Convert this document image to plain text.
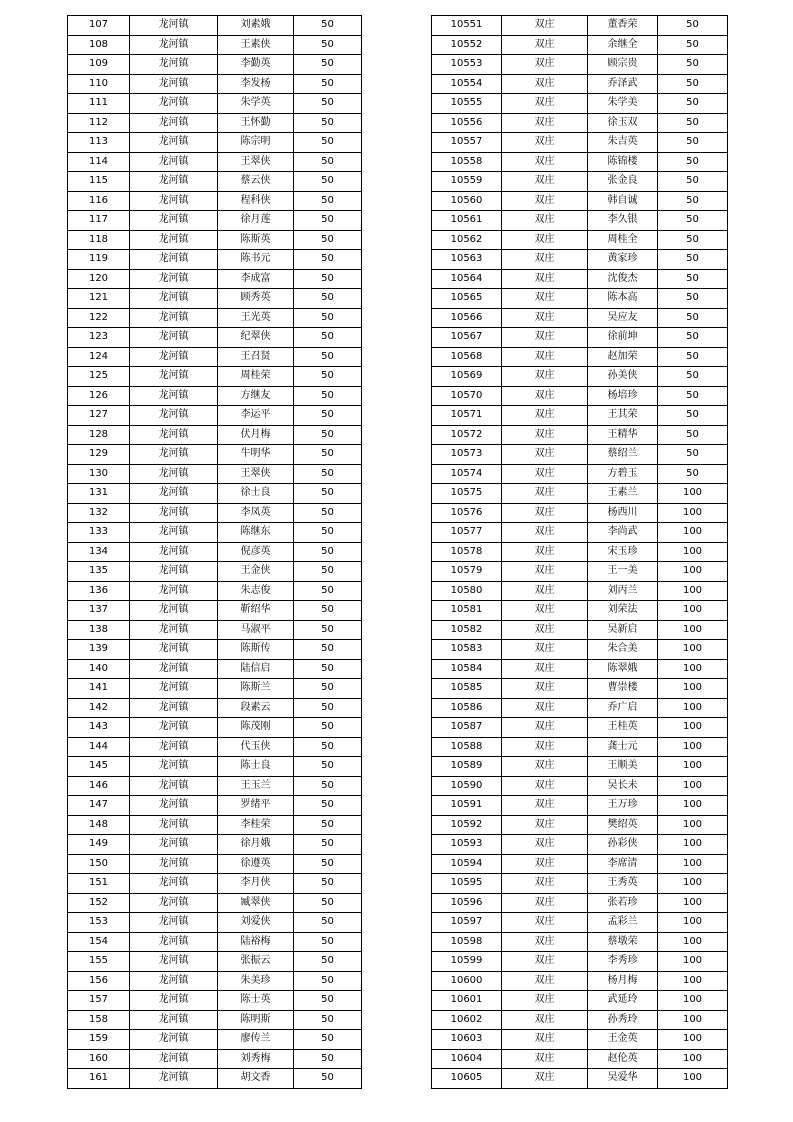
107	龙河镇	刘素娥	50
108	龙河镇	王素侠	50
109	龙河镇	李勤英	50
110	龙河镇	李发杨	50
111	龙河镇	朱学英	50
112	龙河镇	王怀勤	50
113	龙河镇	陈宗明	50
114	龙河镇	王翠侠	50
115	龙河镇	蔡云侠	50
116	龙河镇	程科侠	50
117	龙河镇	徐月莲	50
118	龙河镇	陈斯英	50
119	龙河镇	陈书元	50
120	龙河镇	李成富	50
121	龙河镇	顾秀英	50
122	龙河镇	王光英	50
123	龙河镇	纪翠侠	50
124	龙河镇	王召贤	50
125	龙河镇	周桂荣	50
126	龙河镇	方继友	50
127	龙河镇	李运平	50
128	龙河镇	伏月梅	50
129	龙河镇	牛明华	50
130	龙河镇	王翠侠	50
131	龙河镇	徐士良	50
132	龙河镇	李凤英	50
133	龙河镇	陈继东	50
134	龙河镇	倪彦英	50
135	龙河镇	王金侠	50
136	龙河镇	朱志俊	50
137	龙河镇	靳绍华	50
138	龙河镇	马淑平	50
139	龙河镇	陈斯传	50
140	龙河镇	陆信启	50
141	龙河镇	陈斯兰	50
142	龙河镇	段素云	50
143	龙河镇	陈茂刚	50
144	龙河镇	代玉侠	50
145	龙河镇	陈士良	50
146	龙河镇	王玉兰	50
147	龙河镇	罗绪平	50
148	龙河镇	李桂荣	50
149	龙河镇	徐月娥	50
150	龙河镇	徐遵英	50
151	龙河镇	李月侠	50
152	龙河镇	臧翠侠	50
153	龙河镇	刘爱侠	50
154	龙河镇	陆裕梅	50
155	龙河镇	张振云	50
156	龙河镇	朱美珍	50
157	龙河镇	陈士英	50
158	龙河镇	陈明斯	50
159	龙河镇	廖传兰	50
160	龙河镇	刘秀梅	50
161	龙河镇	胡文香	50
10551	双庄	董香荣	50
10552	双庄	余继全	50
10553	双庄	顾宗贵	50
10554	双庄	乔泽武	50
10555	双庄	朱学美	50
10556	双庄	徐玉双	50
10557	双庄	朱吉英	50
10558	双庄	陈锦楼	50
10559	双庄	张金良	50
10560	双庄	韩自诚	50
10561	双庄	李久银	50
10562	双庄	周桂全	50
10563	双庄	黄家珍	50
10564	双庄	沈俊杰	50
10565	双庄	陈本高	50
10566	双庄	吴应友	50
10567	双庄	徐前坤	50
10568	双庄	赵加荣	50
10569	双庄	孙美侠	50
10570	双庄	杨培珍	50
10571	双庄	王其荣	50
10572	双庄	王精华	50
10573	双庄	蔡绍兰	50
10574	双庄	方碧玉	50
10575	双庄	王素兰	100
10576	双庄	杨西川	100
10577	双庄	李尚武	100
10578	双庄	宋玉珍	100
10579	双庄	王一美	100
10580	双庄	刘丙兰	100
10581	双庄	刘荣法	100
10582	双庄	吴新启	100
10583	双庄	朱合美	100
10584	双庄	陈翠娥	100
10585	双庄	曹崇楼	100
10586	双庄	乔广启	100
10587	双庄	王桂英	100
10588	双庄	龚士元	100
10589	双庄	王顺美	100
10590	双庄	吴长未	100
10591	双庄	王万珍	100
10592	双庄	樊绍英	100
10593	双庄	孙彩侠	100
10594	双庄	李席清	100
10595	双庄	王秀英	100
10596	双庄	张若珍	100
10597	双庄	孟彩兰	100
10598	双庄	蔡墩荣	100
10599	双庄	李秀珍	100
10600	双庄	杨月梅	100
10601	双庄	武延玲	100
10602	双庄	孙秀玲	100
10603	双庄	王金英	100
10604	双庄	赵伦英	100
10605	双庄	吴爱华	100
